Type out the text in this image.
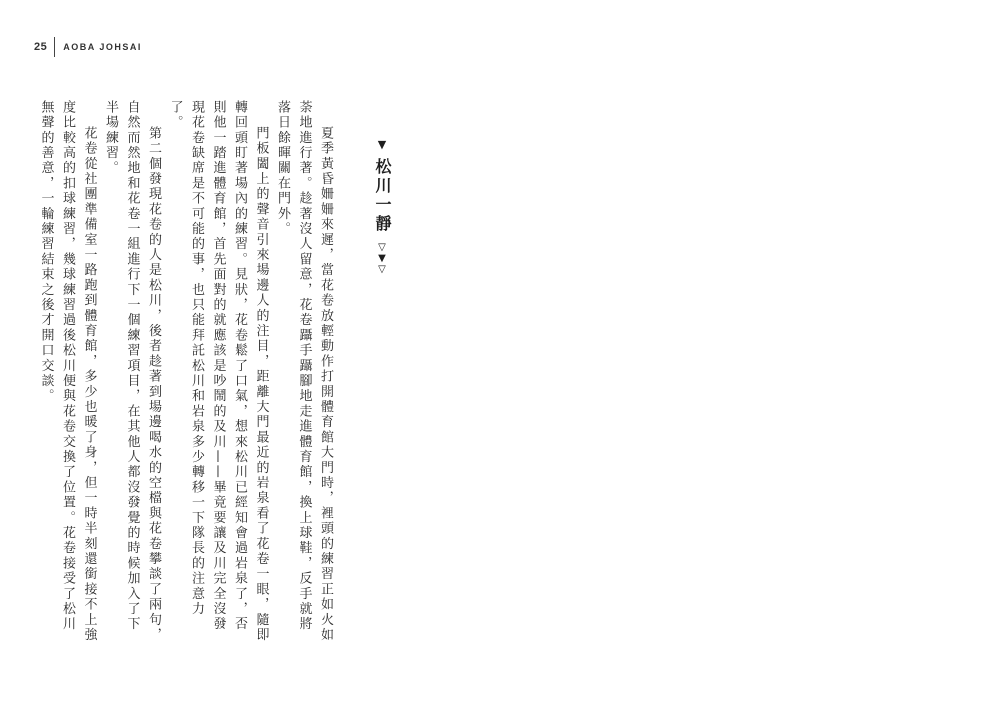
25 AOBA JOHSAI
▼
松川一靜
▽
▼
▽

夏季黃昏姍姍來遲，當花卷放輕動作打開體育館大門時，裡頭的練習正如火如荼地進行著。趁著沒人留意，花卷躡手躡腳地走進體育館，換上球鞋，反手就將落日餘暉關在門外。

門板闔上的聲音引來場邊人的注目，距離大門最近的岩泉看了花卷一眼，隨即轉回頭盯著場內的練習。見狀，花卷鬆了口氣，想來松川已經知會過岩泉了，否則他一踏進體育館，首先面對的就應該是吵鬧的及川——畢竟要讓及川完全沒發現花卷缺席是不可能的事，也只能拜託松川和岩泉多少轉移一下隊長的注意力了。

第二個發現花卷的人是松川，後者趁著到場邊喝水的空檔與花卷攀談了兩句，自然而然地和花卷一組進行下一個練習項目，在其他人都沒發覺的時候加入了下半場練習。

花卷從社團準備室一路跑到體育館，多少也暖了身，但一時半刻還銜接不上強度比較高的扣球練習，幾球練習過後松川便與花卷交換了位置。花卷接受了松川無聲的善意，一輪練習結束之後才開口交談。
